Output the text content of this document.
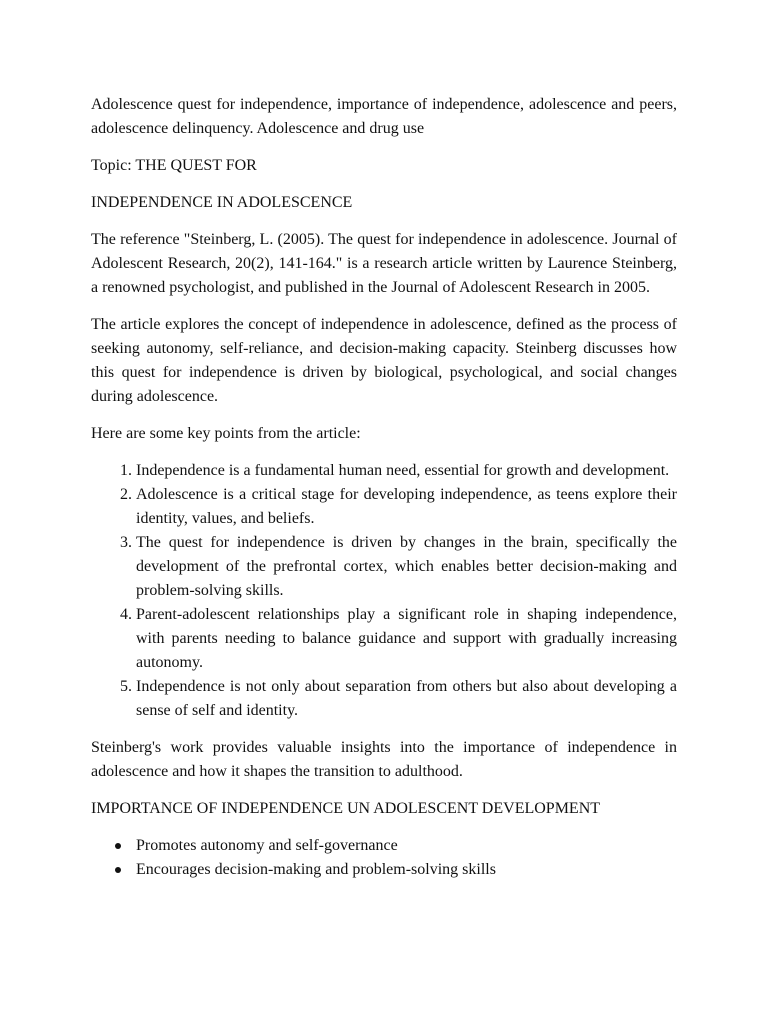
Adolescence quest for independence, importance of independence, adolescence and peers, adolescence delinquency. Adolescence and drug use

Topic: THE QUEST FOR

INDEPENDENCE IN ADOLESCENCE

The reference "Steinberg, L. (2005). The quest for independence in adolescence. Journal of Adolescent Research, 20(2), 141-164." is a research article written by Laurence Steinberg, a renowned psychologist, and published in the Journal of Adolescent Research in 2005.

The article explores the concept of independence in adolescence, defined as the process of seeking autonomy, self-reliance, and decision-making capacity. Steinberg discusses how this quest for independence is driven by biological, psychological, and social changes during adolescence.

Here are some key points from the article:

1. Independence is a fundamental human need, essential for growth and development.
2. Adolescence is a critical stage for developing independence, as teens explore their identity, values, and beliefs.
3. The quest for independence is driven by changes in the brain, specifically the development of the prefrontal cortex, which enables better decision-making and problem-solving skills.
4. Parent-adolescent relationships play a significant role in shaping independence, with parents needing to balance guidance and support with gradually increasing autonomy.
5. Independence is not only about separation from others but also about developing a sense of self and identity.

Steinberg's work provides valuable insights into the importance of independence in adolescence and how it shapes the transition to adulthood.

IMPORTANCE OF INDEPENDENCE UN ADOLESCENT DEVELOPMENT

Promotes autonomy and self-governance
Encourages decision-making and problem-solving skills
